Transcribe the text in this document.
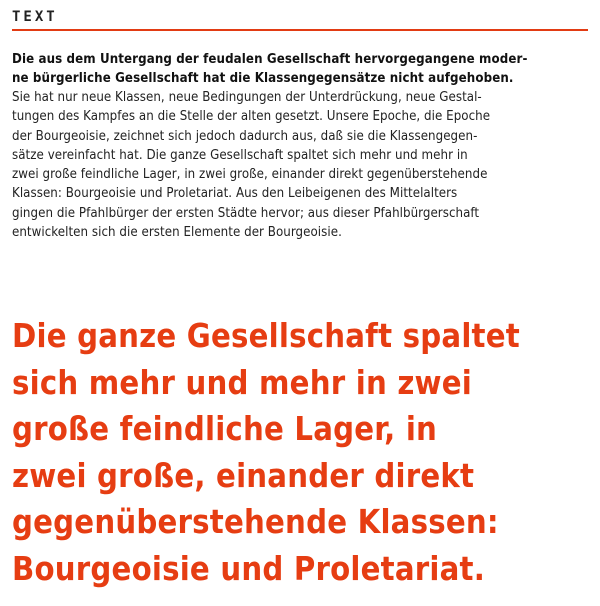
TEXT
Die aus dem Untergang der feudalen Gesellschaft hervorgegangene moder-
ne bürgerliche Gesellschaft hat die Klassengegensätze nicht aufgehoben.
Sie hat nur neue Klassen, neue Bedingungen der Unterdrückung, neue Gestal-
tungen des Kampfes an die Stelle der alten gesetzt. Unsere Epoche, die Epoche
der Bourgeoisie, zeichnet sich jedoch dadurch aus, daß sie die Klassengegen-
sätze vereinfacht hat. Die ganze Gesellschaft spaltet sich mehr und mehr in
zwei große feindliche Lager, in zwei große, einander direkt gegenüberstehende
Klassen: Bourgeoisie und Proletariat. Aus den Leibeigenen des Mittelalters
gingen die Pfahlbürger der ersten Städte hervor; aus dieser Pfahlbürgerschaft
entwickelten sich die ersten Elemente der Bourgeoisie.
Die ganze Gesellschaft spaltet
sich mehr und mehr in zwei
große feindliche Lager, in
zwei große, einander direkt
gegenüberstehende Klassen:
Bourgeoisie und Proletariat.
